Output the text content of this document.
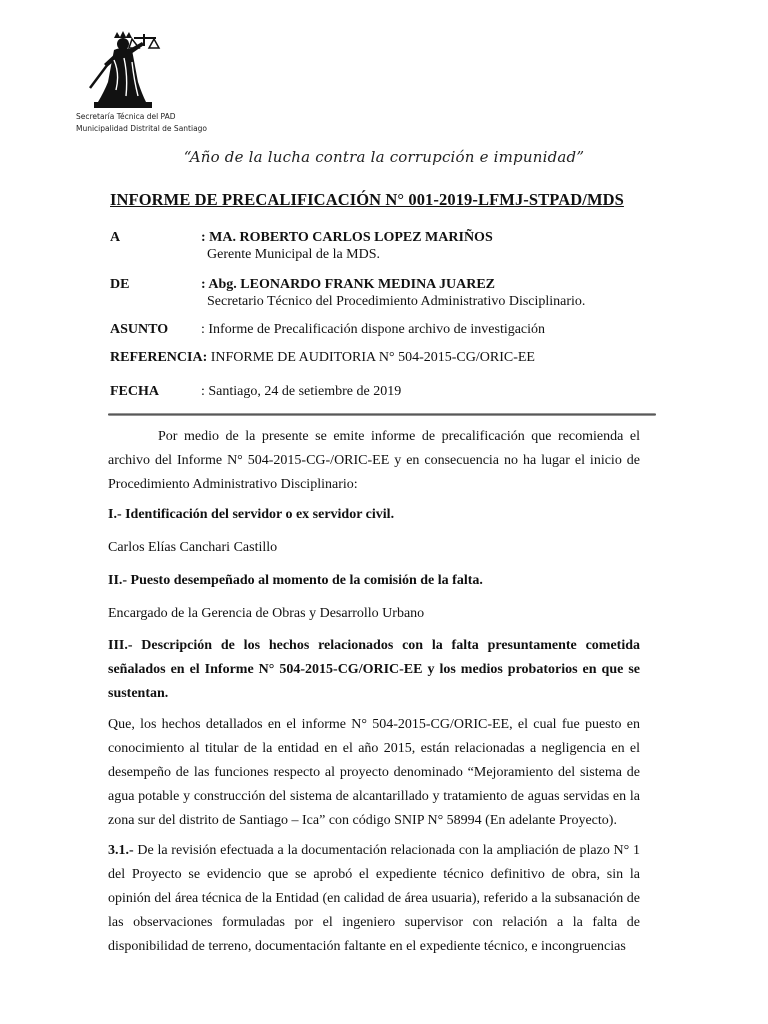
Secretaría Técnica del PAD
Municipalidad Distrital de Santiago
“Año de la lucha contra la corrupción e impunidad”
INFORME DE PRECALIFICACIÓN N° 001-2019-LFMJ-STPAD/MDS
A	: MA. ROBERTO CARLOS LOPEZ MARIÑOS
Gerente Municipal de la MDS.
DE	: Abg. LEONARDO FRANK MEDINA JUAREZ
Secretario Técnico del Procedimiento Administrativo Disciplinario.
ASUNTO : Informe de Precalificación dispone archivo de investigación
REFERENCIA: INFORME DE AUDITORIA N° 504-2015-CG/ORIC-EE
FECHA	: Santiago, 24 de setiembre de 2019
Por medio de la presente se emite informe de precalificación que recomienda el archivo del Informe N° 504-2015-CG-/ORIC-EE y en consecuencia no ha lugar el inicio de Procedimiento Administrativo Disciplinario:
I.- Identificación del servidor o ex servidor civil.
Carlos Elías Canchari Castillo
II.- Puesto desempeñado al momento de la comisión de la falta.
Encargado de la Gerencia de Obras y Desarrollo Urbano
III.- Descripción de los hechos relacionados con la falta presuntamente cometida señalados en el Informe N° 504-2015-CG/ORIC-EE y los medios probatorios en que se sustentan.
Que, los hechos detallados en el informe N° 504-2015-CG/ORIC-EE, el cual fue puesto en conocimiento al titular de la entidad en el año 2015, están relacionadas a negligencia en el desempeño de las funciones respecto al proyecto denominado “Mejoramiento del sistema de agua potable y construcción del sistema de alcantarillado y tratamiento de aguas servidas en la zona sur del distrito de Santiago – Ica” con código SNIP N° 58994 (En adelante Proyecto).
3.1.- De la revisión efectuada a la documentación relacionada con la ampliación de plazo N° 1 del Proyecto se evidencio que se aprobó el expediente técnico definitivo de obra, sin la opinión del área técnica de la Entidad (en calidad de área usuaria), referido a la subsanación de las observaciones formuladas por el ingeniero supervisor con relación a la falta de disponibilidad de terreno, documentación faltante en el expediente técnico, e incongruencias
